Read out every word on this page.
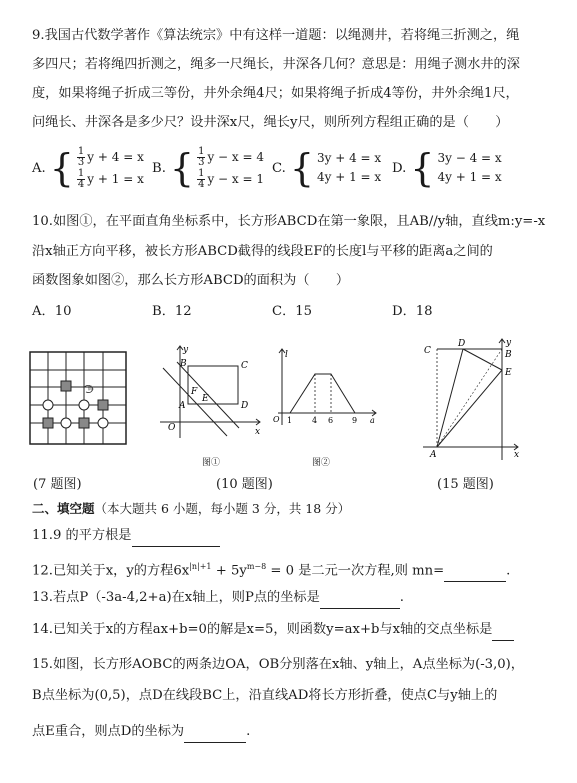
9.我国古代数学著作《算法统宗》中有这样一道题：以绳测井，若将绳三折测之，绳
多四尺；若将绳四折测之，绳多一尺绳长，井深各几何？意思是：用绳子测水井的深
度，如果将绳子折成三等份，井外余绳4尺；如果将绳子折成4等份，井外余绳1尺，
问绳长、井深各是多少尺？设井深x尺，绳长y尺，则所列方程组正确的是（　　）
A. { $\frac{1}{3}$ y + 4 = x
$\frac{1}{4}$ y + 1 = x
B. { $\frac{1}{3}$ y − x = 4
$\frac{1}{4}$ y − x = 1
C. { 3y + 4 = x
4y + 1 = x
D. { 3y − 4 = x
4y + 1 = x
10.如图①，在平面直角坐标系中，长方形ABCD在第一象限，且AB//y轴，直线m:y=-x
沿x轴正方向平移，被长方形ABCD截得的线段EF的长度l与平移的距离a之间的
函数图象如图②，那么长方形ABCD的面积为（　　）
A．10	B．12	C．15	D．18
帥
B	C
D
A
E
F
O	x
y
图①
l
O 1 4 6 9 a
图②
C
D
B
E
A	x
y
(7 题图)	(10 题图)	(15 题图)
二、填空题（本大题共 6 小题，每小题 3 分，共 18 分）
11.9 的平方根是
12.已知关于x，y的方程$6x^{|n|+1} + 5y^{m-8} = 0$ 是二元一次方程,则 mn=	.
13.若点P（-3a-4,2+a)在x轴上，则P点的坐标是	.
14.已知关于x的方程ax+b=0的解是x=5，则函数y=ax+b与x轴的交点坐标是
15.如图，长方形AOBC的两条边OA，OB分别落在x轴、y轴上，A点坐标为(-3,0)，
B点坐标为(0,5)，点D在线段BC上，沿直线AD将长方形折叠，使点C与y轴上的
点E重合，则点D的坐标为	.
